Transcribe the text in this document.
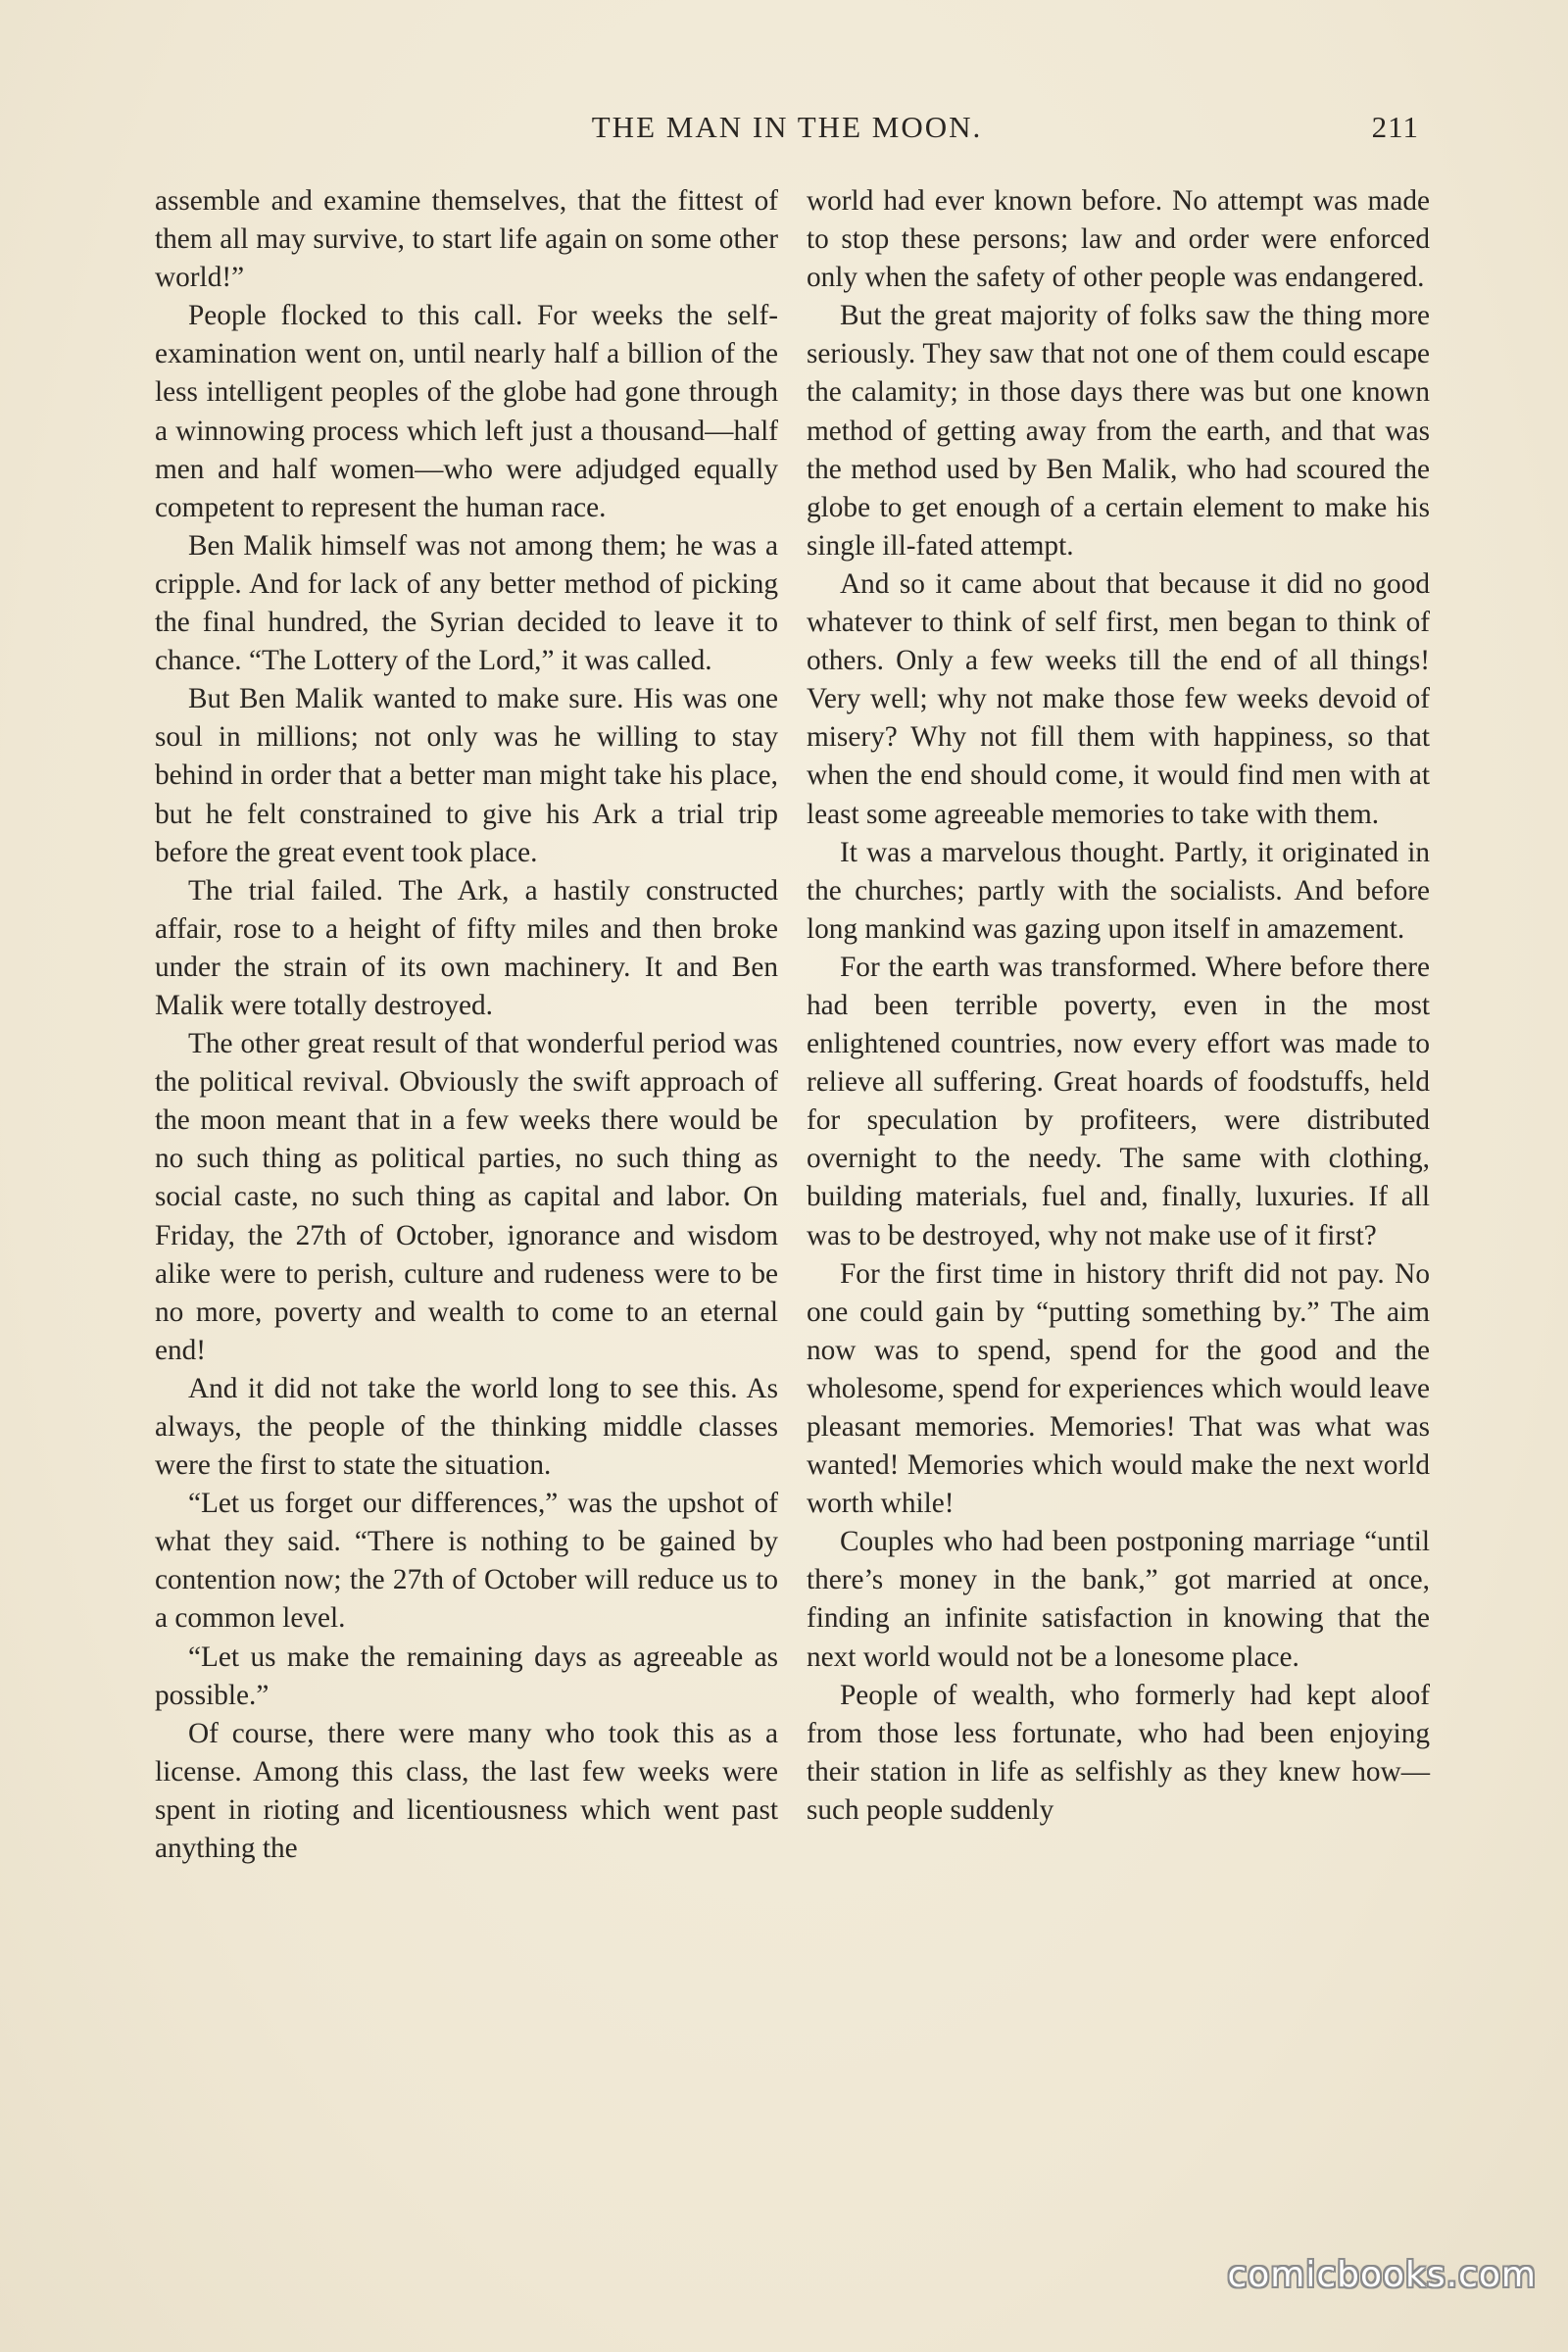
THE MAN IN THE MOON.	211

assemble and examine themselves, that the fittest of them all may survive, to start life again on some other world!”

People flocked to this call. For weeks the self-examination went on, until nearly half a billion of the less intelligent peoples of the globe had gone through a winnowing process which left just a thousand—half men and half women—who were adjudged equally competent to represent the human race.

Ben Malik himself was not among them; he was a cripple. And for lack of any better method of picking the final hundred, the Syrian decided to leave it to chance. “The Lottery of the Lord,” it was called.

But Ben Malik wanted to make sure. His was one soul in millions; not only was he willing to stay behind in order that a better man might take his place, but he felt constrained to give his Ark a trial trip before the great event took place.

The trial failed. The Ark, a hastily constructed affair, rose to a height of fifty miles and then broke under the strain of its own machinery. It and Ben Malik were totally destroyed.

The other great result of that wonderful period was the political revival. Obviously the swift approach of the moon meant that in a few weeks there would be no such thing as political parties, no such thing as social caste, no such thing as capital and labor. On Friday, the 27th of October, ignorance and wisdom alike were to perish, culture and rudeness were to be no more, poverty and wealth to come to an eternal end!

And it did not take the world long to see this. As always, the people of the thinking middle classes were the first to state the situation.

“Let us forget our differences,” was the upshot of what they said. “There is nothing to be gained by contention now; the 27th of October will reduce us to a common level.

“Let us make the remaining days as agreeable as possible.”

Of course, there were many who took this as a license. Among this class, the last few weeks were spent in rioting and licentiousness which went past anything the

world had ever known before. No attempt was made to stop these persons; law and order were enforced only when the safety of other people was endangered.

But the great majority of folks saw the thing more seriously. They saw that not one of them could escape the calamity; in those days there was but one known method of getting away from the earth, and that was the method used by Ben Malik, who had scoured the globe to get enough of a certain element to make his single ill-fated attempt.

And so it came about that because it did no good whatever to think of self first, men began to think of others. Only a few weeks till the end of all things! Very well; why not make those few weeks devoid of misery? Why not fill them with happiness, so that when the end should come, it would find men with at least some agreeable memories to take with them.

It was a marvelous thought. Partly, it originated in the churches; partly with the socialists. And before long mankind was gazing upon itself in amazement.

For the earth was transformed. Where before there had been terrible poverty, even in the most enlightened countries, now every effort was made to relieve all suffering. Great hoards of foodstuffs, held for speculation by profiteers, were distributed overnight to the needy. The same with clothing, building materials, fuel and, finally, luxuries. If all was to be destroyed, why not make use of it first?

For the first time in history thrift did not pay. No one could gain by “putting something by.” The aim now was to spend, spend for the good and the wholesome, spend for experiences which would leave pleasant memories. Memories! That was what was wanted! Memories which would make the next world worth while!

Couples who had been postponing marriage “until there’s money in the bank,” got married at once, finding an infinite satisfaction in knowing that the next world would not be a lonesome place.

People of wealth, who formerly had kept aloof from those less fortunate, who had been enjoying their station in life as selfishly as they knew how—such people suddenly

comicbooks.com
